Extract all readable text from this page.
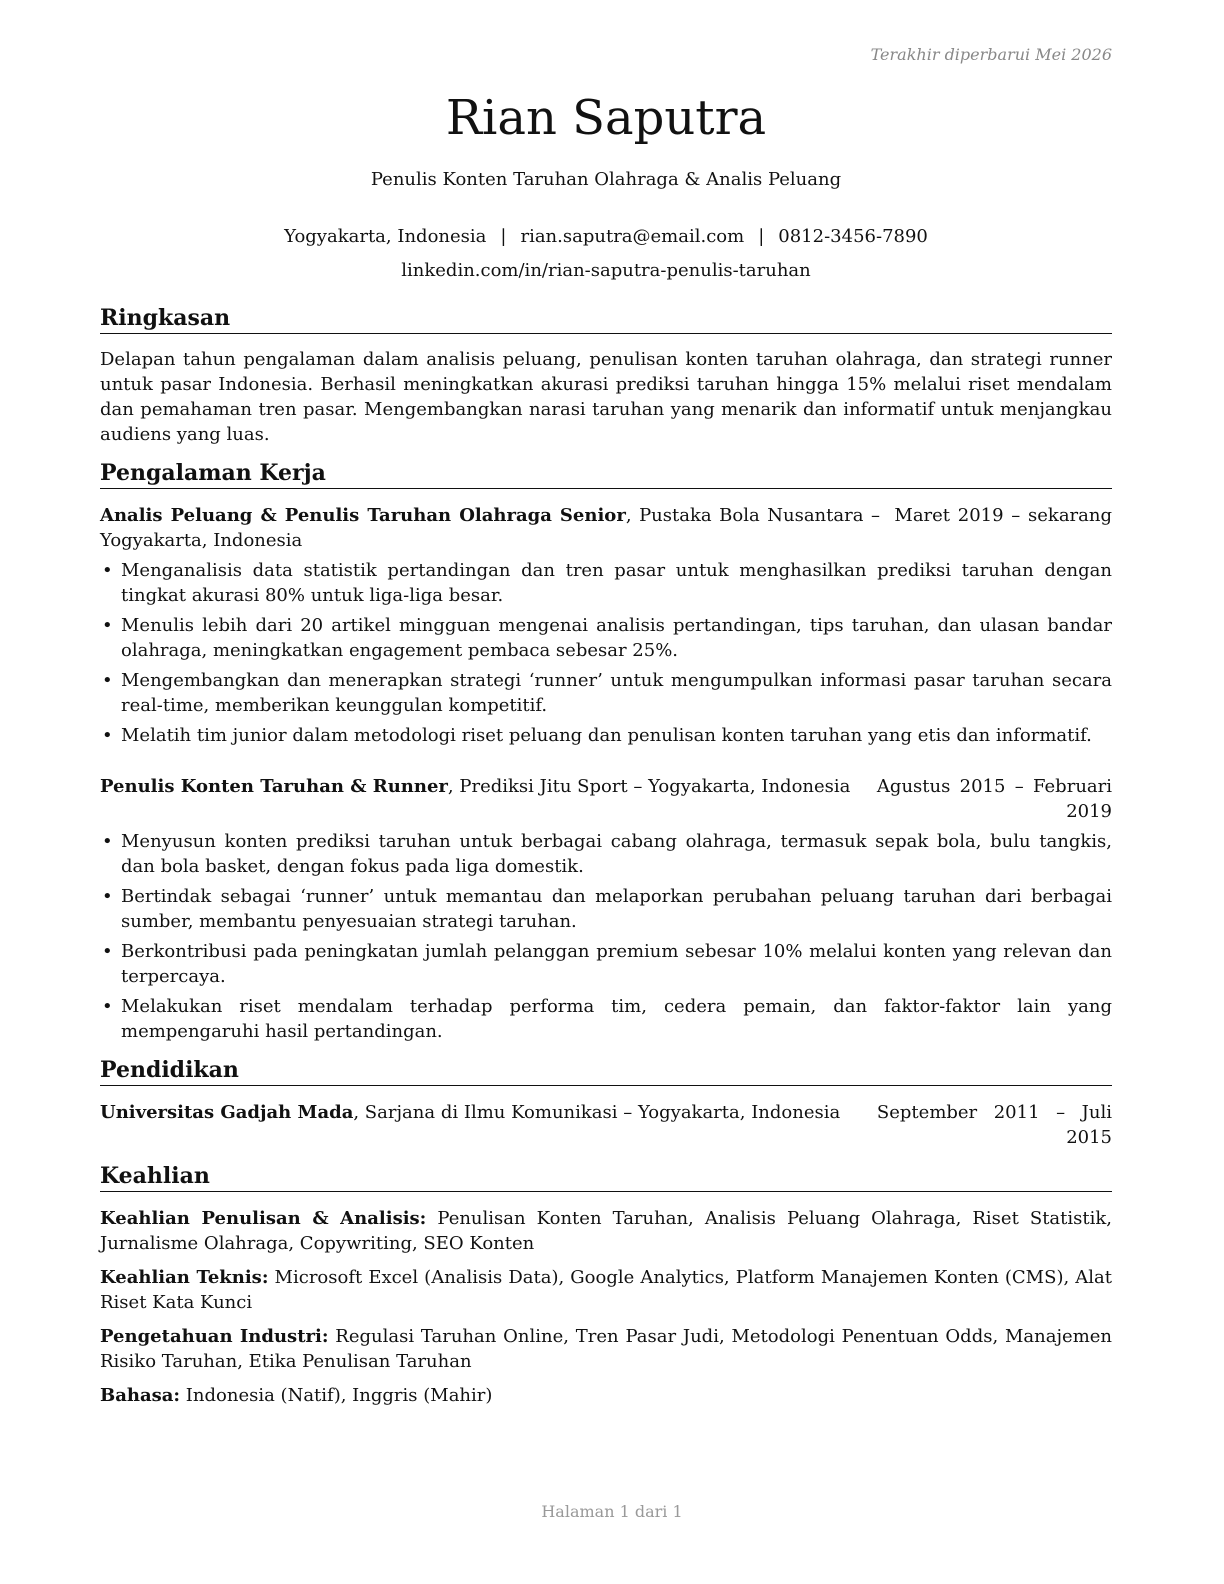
Terakhir diperbarui Mei 2026
Rian Saputra
Penulis Konten Taruhan Olahraga & Analis Peluang
Yogyakarta, Indonesia | rian.saputra@email.com | 0812-3456-7890
linkedin.com/in/rian-saputra-penulis-taruhan
Ringkasan

Delapan tahun pengalaman dalam analisis peluang, penulisan konten taruhan olahraga, dan strategi runner untuk pasar Indonesia. Berhasil meningkatkan akurasi prediksi taruhan hingga 15% melalui riset mendalam dan pemahaman tren pasar. Mengembangkan narasi taruhan yang menarik dan informatif untuk menjangkau audiens yang luas.

Pengalaman Kerja
Analis Peluang & Penulis Taruhan Olahraga Senior, Pustaka Bola Nusantara – Yogyakarta, Indonesia
Maret 2019 – sekarang
• Menganalisis data statistik pertandingan dan tren pasar untuk menghasilkan prediksi taruhan dengan tingkat akurasi 80% untuk liga-liga besar.
• Menulis lebih dari 20 artikel mingguan mengenai analisis pertandingan, tips taruhan, dan ulasan bandar olahraga, meningkatkan engagement pembaca sebesar 25%.
• Mengembangkan dan menerapkan strategi ‘runner’ untuk mengumpulkan informasi pasar taruhan secara real-time, memberikan keunggulan kompetitif.
• Melatih tim junior dalam metodologi riset peluang dan penulisan konten taruhan yang etis dan informatif.
Penulis Konten Taruhan & Runner, Prediksi Jitu Sport – Yogyakarta, Indonesia	Agustus 2015 – Februari 2019
• Menyusun konten prediksi taruhan untuk berbagai cabang olahraga, termasuk sepak bola, bulu tangkis, dan bola basket, dengan fokus pada liga domestik.
• Bertindak sebagai ‘runner’ untuk memantau dan melaporkan perubahan peluang taruhan dari berbagai sumber, membantu penyesuaian strategi taruhan.
• Berkontribusi pada peningkatan jumlah pelanggan premium sebesar 10% melalui konten yang relevan dan terpercaya.
• Melakukan riset mendalam terhadap performa tim, cedera pemain, dan faktor-faktor lain yang mempengaruhi hasil pertandingan.
Pendidikan
Universitas Gadjah Mada, Sarjana di Ilmu Komunikasi – Yogyakarta, Indonesia	September 2011 – Juli 2015
Keahlian
Keahlian Penulisan & Analisis: Penulisan Konten Taruhan, Analisis Peluang Olahraga, Riset Statistik, Jurnalisme Olahraga, Copywriting, SEO Konten
Keahlian Teknis: Microsoft Excel (Analisis Data), Google Analytics, Platform Manajemen Konten (CMS), Alat Riset Kata Kunci
Pengetahuan Industri: Regulasi Taruhan Online, Tren Pasar Judi, Metodologi Penentuan Odds, Manajemen Risiko Taruhan, Etika Penulisan Taruhan
Bahasa: Indonesia (Natif), Inggris (Mahir)
Halaman 1 dari 1
